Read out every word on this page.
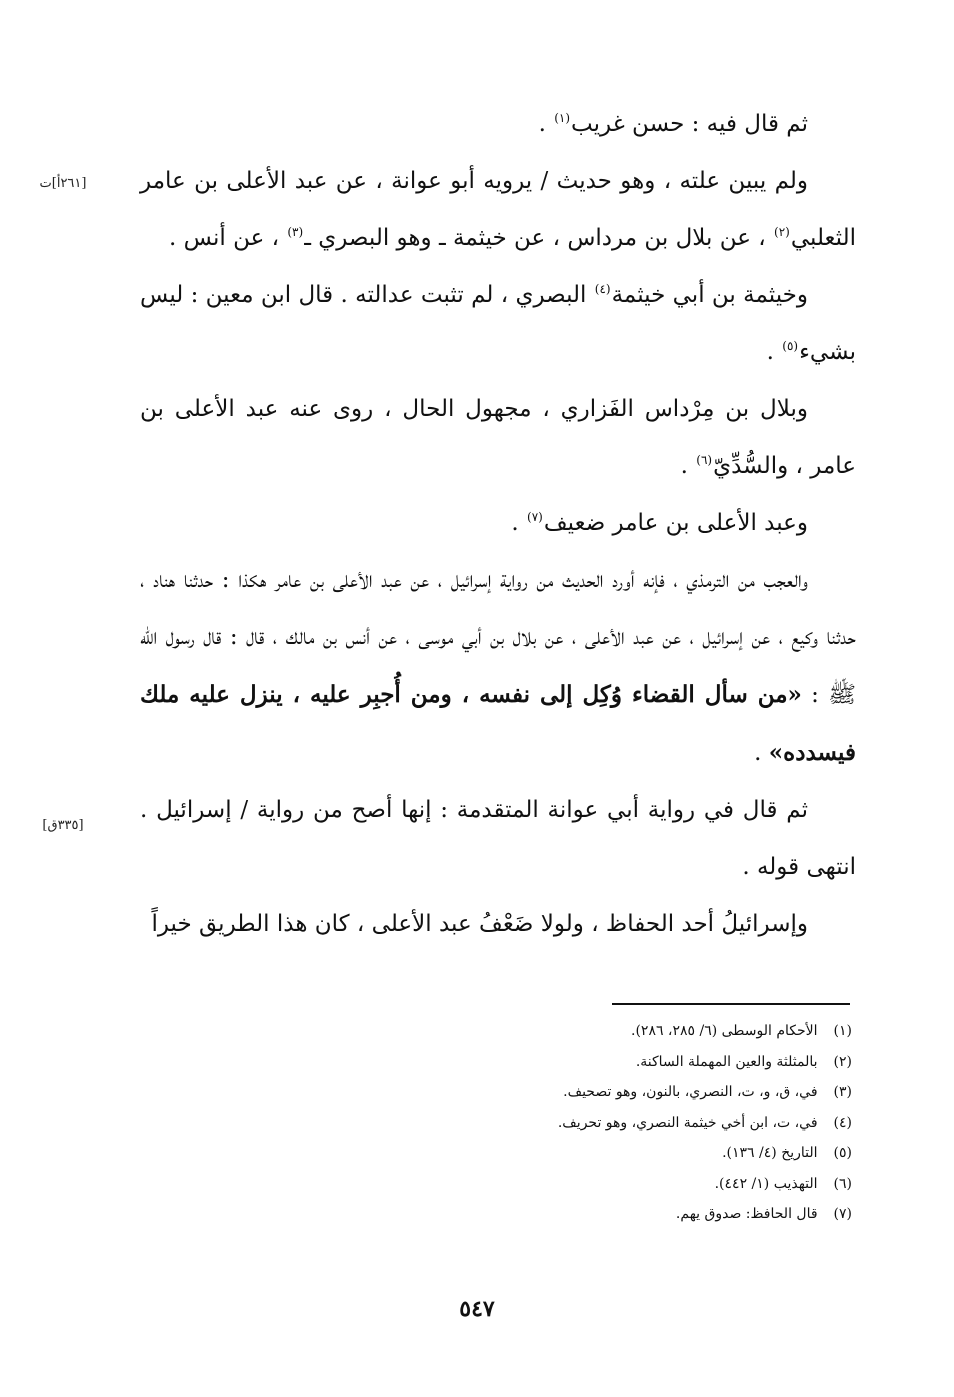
[٢٦١أ]ت
[٣٣٥ق]

ثم قال فيه : حسن غريب$^{(١)}$ .

ولم يبين علته ، وهو حديث / يرويه أبو عوانة ، عن عبد الأعلى بن عامر الثعلبي$^{(٢)}$ ، عن بلال بن مرداس ، عن خيثمة ـ وهو البصري ـ$^{(٣)}$ ، عن أنس .

وخيثمة بن أبي خيثمة$^{(٤)}$ البصري ، لم تثبت عدالته . قال ابن معين : ليس بشيء$^{(٥)}$ .

وبلال بن مِرْداس الفَزاري ، مجهول الحال ، روى عنه عبد الأعلى بن عامر ، والسُّدِّيّ$^{(٦)}$ .

وعبد الأعلى بن عامر ضعيف$^{(٧)}$ .

والعجب من الترمذي ، فإنه أورد الحديث من رواية إسرائيل ، عن عبد الأعلى بن عامر هكذا : حدثنا هناد ، حدثنا وكيع ، عن إسرائيل ، عن عبد الأعلى ، عن بلال بن أبي موسى ، عن أنس بن مالك ، قال : قال رسول الله ﷺ : «من سأل القضاء وُكِل إلى نفسه ، ومن أُجبِر عليه ، ينزل عليه ملك فيسدده» .

ثم قال في رواية أبي عوانة المتقدمة : إنها أصح من رواية / إسرائيل . انتهى قوله .

وإسرائيلُ أحد الحفاظ ، ولولا ضَعْفُ عبد الأعلى ، كان هذا الطريق خيراً

(١) الأحكام الوسطى (٦/ ٢٨٥، ٢٨٦).
(٢) بالمثلثة والعين المهملة الساكنة.
(٣) في، ق، و، ت، النصري، بالنون، وهو تصحيف.
(٤) في، ت، ابن أخي خيثمة النصري، وهو تحريف.
(٥) التاريخ (٤/ ١٣٦).
(٦) التهذيب (١/ ٤٤٢).
(٧) قال الحافظ: صدوق يهم.
٥٤٧
